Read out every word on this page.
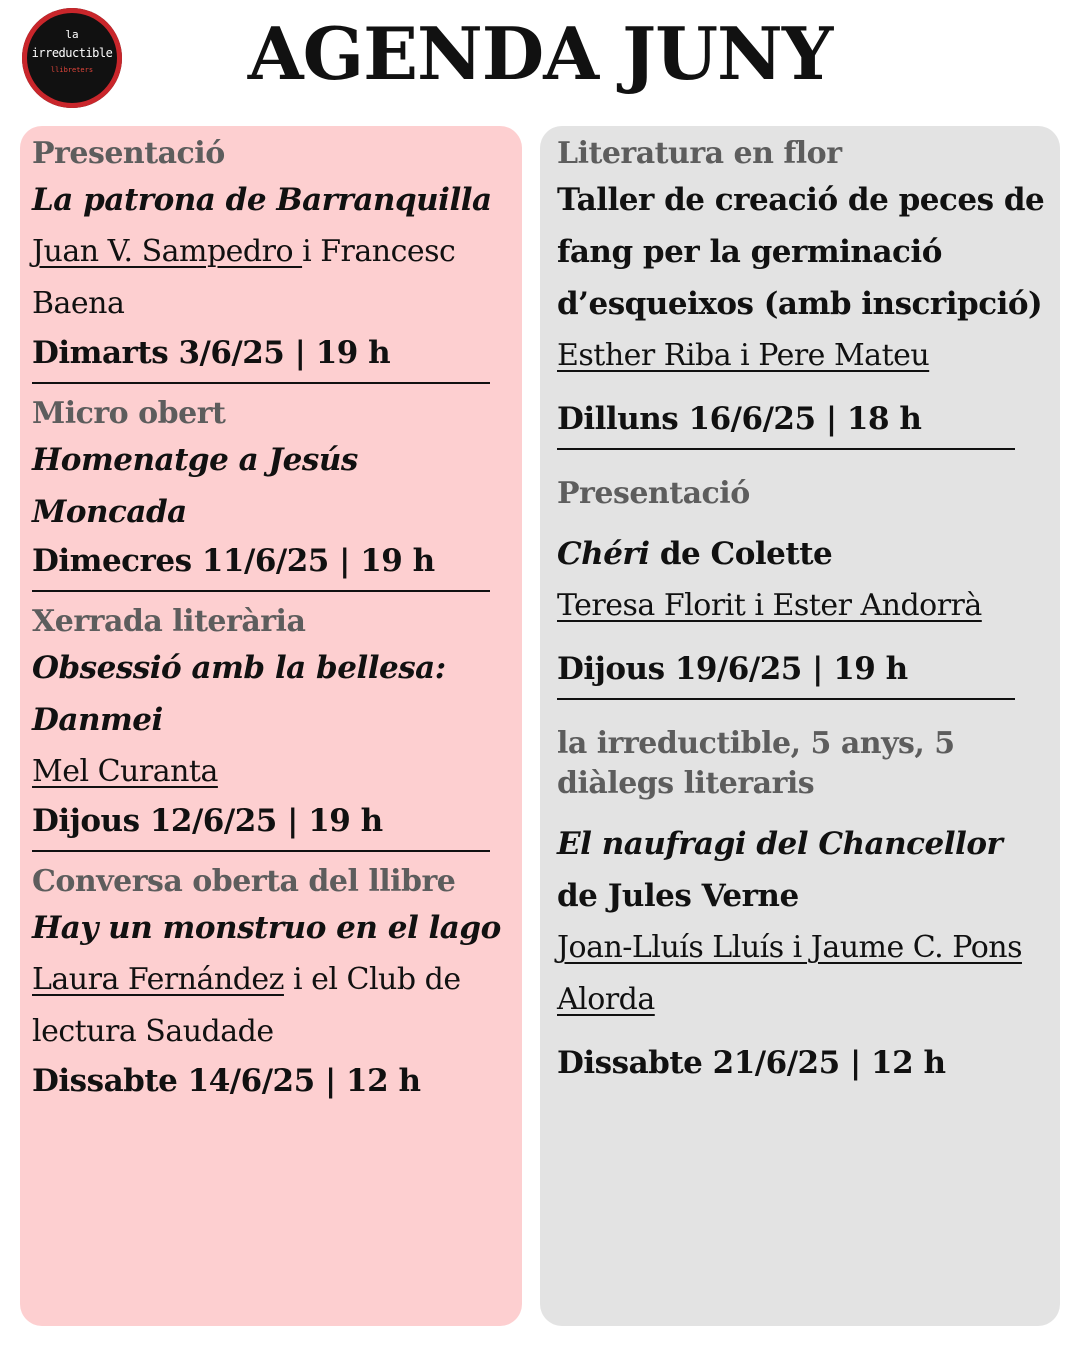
la
irreductible
llibreters	AGENDA JUNY
Presentació
La patrona de Barranquilla
Juan V. Sampedro i Francesc Baena
Dimarts 3/6/25 | 19 h
Micro obert
Homenatge a Jesús Moncada
Dimecres 11/6/25 | 19 h
Xerrada literària
Obsessió amb la bellesa: Danmei
Mel Curanta
Dijous 12/6/25 | 19 h
Conversa oberta del llibre
Hay un monstruo en el lago
Laura Fernández i el Club de lectura Saudade
Dissabte 14/6/25 | 12 h
Literatura en flor
Taller de creació de peces de fang per la germinació d’esqueixos (amb inscripció)
Esther Riba i Pere Mateu
Dilluns 16/6/25 | 18 h
Presentació
Chéri de Colette
Teresa Florit i Ester Andorrà
Dijous 19/6/25 | 19 h
la irreductible, 5 anys, 5 diàlegs literaris
El naufragi del Chancellor de Jules Verne
Joan-Lluís Lluís i Jaume C. Pons Alorda
Dissabte 21/6/25 | 12 h
